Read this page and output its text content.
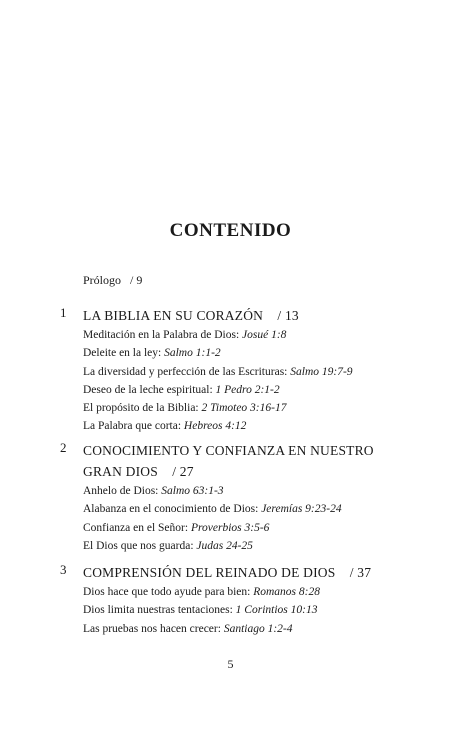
CONTENIDO
Prólogo / 9
1 LA BIBLIA EN SU CORAZÓN / 13
Meditación en la Palabra de Dios: Josué 1:8
Deleite en la ley: Salmo 1:1-2
La diversidad y perfección de las Escrituras: Salmo 19:7-9
Deseo de la leche espiritual: 1 Pedro 2:1-2
El propósito de la Biblia: 2 Timoteo 3:16-17
La Palabra que corta: Hebreos 4:12
2 CONOCIMIENTO Y CONFIANZA EN NUESTRO
GRAN DIOS / 27
Anhelo de Dios: Salmo 63:1-3
Alabanza en el conocimiento de Dios: Jeremías 9:23-24
Confianza en el Señor: Proverbios 3:5-6
El Dios que nos guarda: Judas 24-25
3 COMPRENSIÓN DEL REINADO DE DIOS / 37
Dios hace que todo ayude para bien: Romanos 8:28
Dios limita nuestras tentaciones: 1 Corintios 10:13
Las pruebas nos hacen crecer: Santiago 1:2-4
5
